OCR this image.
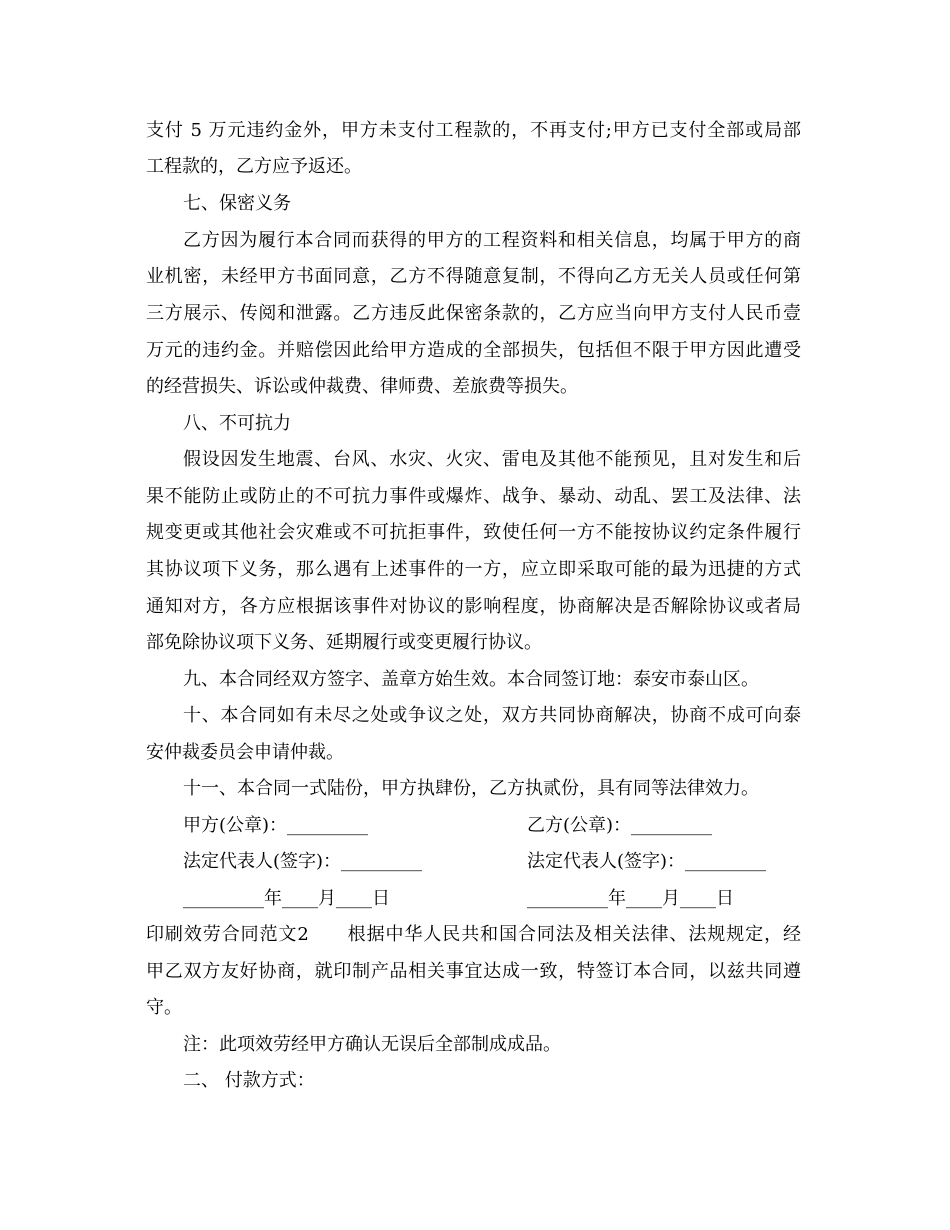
支付 5 万元违约金外，甲方未支付工程款的，不再支付;甲方已支付全部或局部
工程款的，乙方应予返还。
七、保密义务
乙方因为履行本合同而获得的甲方的工程资料和相关信息，均属于甲方的商
业机密，未经甲方书面同意，乙方不得随意复制，不得向乙方无关人员或任何第
三方展示、传阅和泄露。乙方违反此保密条款的，乙方应当向甲方支付人民币壹
万元的违约金。并赔偿因此给甲方造成的全部损失，包括但不限于甲方因此遭受
的经营损失、诉讼或仲裁费、律师费、差旅费等损失。
八、不可抗力
假设因发生地震、台风、水灾、火灾、雷电及其他不能预见，且对发生和后
果不能防止或防止的不可抗力事件或爆炸、战争、暴动、动乱、罢工及法律、法
规变更或其他社会灾难或不可抗拒事件，致使任何一方不能按协议约定条件履行
其协议项下义务，那么遇有上述事件的一方，应立即采取可能的最为迅捷的方式
通知对方，各方应根据该事件对协议的影响程度，协商解决是否解除协议或者局
部免除协议项下义务、延期履行或变更履行协议。
九、本合同经双方签字、盖章方始生效。本合同签订地：泰安市泰山区。
十、本合同如有未尽之处或争议之处，双方共同协商解决，协商不成可向泰
安仲裁委员会申请仲裁。
十一、本合同一式陆份，甲方执肆份，乙方执贰份，具有同等法律效力。
甲方(公章)：_________	乙方(公章)：_________
法定代表人(签字)：_________	法定代表人(签字)：_________
_________年____月____日	_________年____月____日
印刷效劳合同范文2　　根据中华人民共和国合同法及相关法律、法规规定，经
甲乙双方友好协商，就印制产品相关事宜达成一致，特签订本合同，以兹共同遵
守。
注：此项效劳经甲方确认无误后全部制成成品。
二、 付款方式：
